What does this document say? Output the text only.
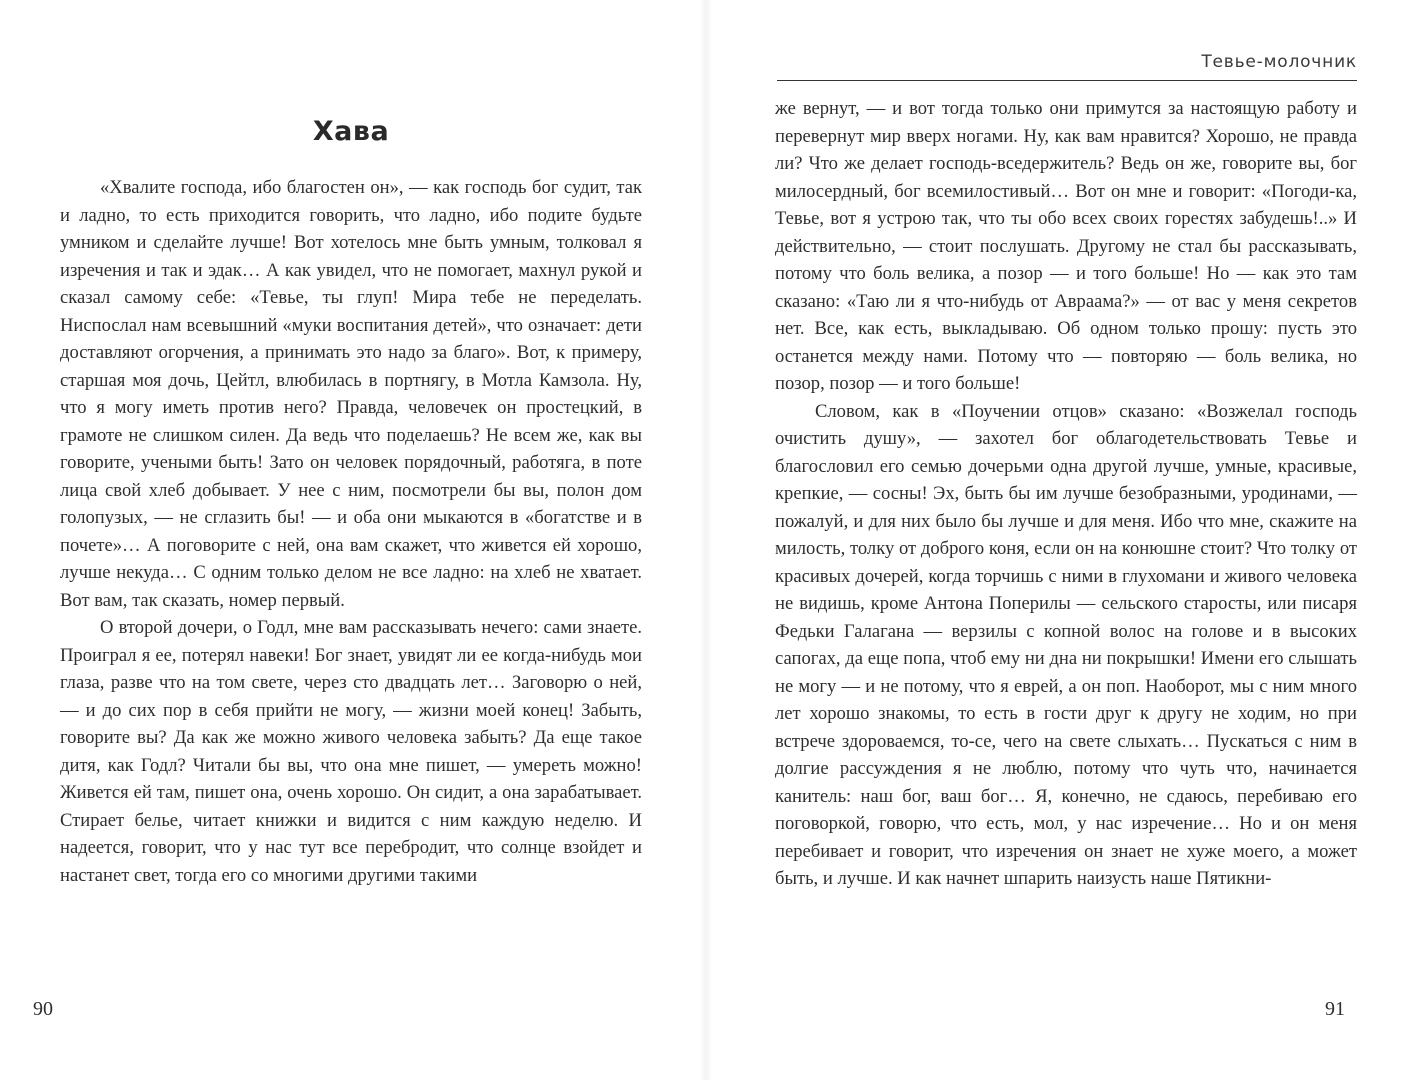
Хава

«Хвалите господа, ибо благостен он», — как господь бог судит, так и ладно, то есть приходится говорить, что ладно, ибо подите будьте умником и сделайте лучше! Вот хотелось мне быть умным, толковал я изречения и так и эдак… А как увидел, что не помогает, махнул рукой и сказал самому себе: «Тевье, ты глуп! Мира тебе не переделать. Ниспослал нам всевышний «муки воспитания детей», что означает: дети доставляют огорчения, а принимать это надо за благо». Вот, к примеру, старшая моя дочь, Цейтл, влюбилась в портнягу, в Мотла Камзола. Ну, что я могу иметь против него? Правда, человечек он простецкий, в грамоте не слишком силен. Да ведь что поделаешь? Не всем же, как вы говорите, учеными быть! Зато он человек порядочный, работяга, в поте лица свой хлеб добывает. У нее с ним, посмотрели бы вы, полон дом голопузых, — не сглазить бы! — и оба они мыкаются в «богатстве и в почете»… А поговорите с ней, она вам скажет, что живется ей хорошо, лучше некуда… С одним только делом не все ладно: на хлеб не хватает. Вот вам, так сказать, номер первый.

О второй дочери, о Годл, мне вам рассказывать нечего: сами знаете. Проиграл я ее, потерял навеки! Бог знает, увидят ли ее когда-нибудь мои глаза, разве что на том свете, через сто двадцать лет… Заговорю о ней, — и до сих пор в себя прийти не могу, — жизни моей конец! Забыть, говорите вы? Да как же можно живого человека забыть? Да еще такое дитя, как Годл? Читали бы вы, что она мне пишет, — умереть можно! Живется ей там, пишет она, очень хорошо. Он сидит, а она зарабатывает. Стирает белье, читает книжки и видится с ним каждую неделю. И надеется, говорит, что у нас тут все перебродит, что солнце взойдет и настанет свет, тогда его со многими другими такими

90
Тевье-молочник

же вернут, — и вот тогда только они примутся за настоящую работу и перевернут мир вверх ногами. Ну, как вам нравится? Хорошо, не правда ли? Что же делает господь-вседержитель? Ведь он же, говорите вы, бог милосердный, бог всемилостивый… Вот он мне и говорит: «Погоди-ка, Тевье, вот я устрою так, что ты обо всех своих горестях забудешь!..» И действительно, — стоит послушать. Другому не стал бы рассказывать, потому что боль велика, а позор — и того больше! Но — как это там сказано: «Таю ли я что-нибудь от Авраама?» — от вас у меня секретов нет. Все, как есть, выкладываю. Об одном только прошу: пусть это останется между нами. Потому что — повторяю — боль велика, но позор, позор — и того больше!

Словом, как в «Поучении отцов» сказано: «Возжелал господь очистить душу», — захотел бог облагодетельствовать Тевье и благословил его семью дочерьми одна другой лучше, умные, красивые, крепкие, — сосны! Эх, быть бы им лучше безобразными, уродинами, — пожалуй, и для них было бы лучше и для меня. Ибо что мне, скажите на милость, толку от доброго коня, если он на конюшне стоит? Что толку от красивых дочерей, когда торчишь с ними в глухомани и живого человека не видишь, кроме Антона Поперилы — сельского старосты, или писаря Федьки Галагана — верзилы с копной волос на голове и в высоких сапогах, да еще попа, чтоб ему ни дна ни покрышки! Имени его слышать не могу — и не потому, что я еврей, а он поп. Наоборот, мы с ним много лет хорошо знакомы, то есть в гости друг к другу не ходим, но при встрече здороваемся, то-се, чего на свете слыхать… Пускаться с ним в долгие рассуждения я не люблю, потому что чуть что, начинается канитель: наш бог, ваш бог… Я, конечно, не сдаюсь, перебиваю его поговоркой, говорю, что есть, мол, у нас изречение… Но и он меня перебивает и говорит, что изречения он знает не хуже моего, а может быть, и лучше. И как начнет шпарить наизусть наше Пятикни-

91
